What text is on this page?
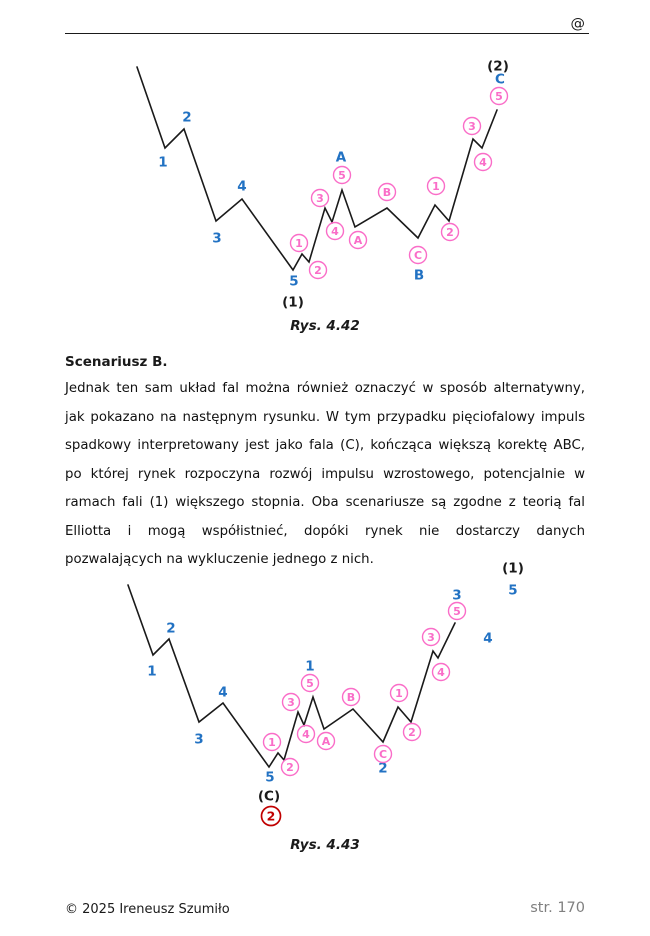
@
1
2
3
4
5
A
B
C
(1)
(2)
1
2
3
4
5
A
B
C
1
2
3
4
5
Rys. 4.42
Scenariusz B.
Jednak ten sam układ fal można również oznaczyć w sposób alternatywny, jak pokazano na następnym rysunku. W tym przypadku pięciofalowy impuls spadkowy interpretowany jest jako fala (C), kończąca większą korektę ABC, po której rynek rozpoczyna rozwój impulsu wzrostowego, potencjalnie w ramach fali (1) większego stopnia. Oba scenariusze są zgodne z teorią fal Elliotta i mogą współistnieć, dopóki rynek nie dostarczy danych pozwalających na wykluczenie jednego z nich.
1
2
3
4
5
1
2
3
4
5
(C)
(1)
2
1
2
3
4
5
A
B
C
1
2
3
4
5
Rys. 4.43
© 2025 Ireneusz Szumiło	str. 170
